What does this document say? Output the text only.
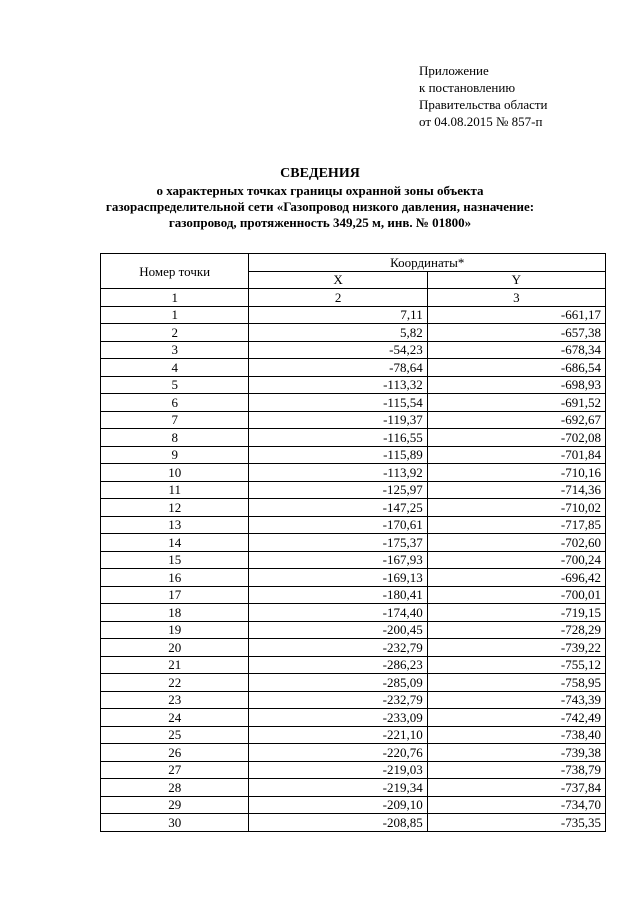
Приложение
к постановлению
Правительства области
от 04.08.2015 № 857-п
СВЕДЕНИЯ
о характерных точках границы охранной зоны объекта
газораспределительной сети «Газопровод низкого давления, назначение:
газопровод, протяженность 349,25 м, инв. № 01800»
Номер точки	Координаты*	
	X	Y
1	2	3
1	7,11	-661,17
2	5,82	-657,38
3	-54,23	-678,34
4	-78,64	-686,54
5	-113,32	-698,93
6	-115,54	-691,52
7	-119,37	-692,67
8	-116,55	-702,08
9	-115,89	-701,84
10	-113,92	-710,16
11	-125,97	-714,36
12	-147,25	-710,02
13	-170,61	-717,85
14	-175,37	-702,60
15	-167,93	-700,24
16	-169,13	-696,42
17	-180,41	-700,01
18	-174,40	-719,15
19	-200,45	-728,29
20	-232,79	-739,22
21	-286,23	-755,12
22	-285,09	-758,95
23	-232,79	-743,39
24	-233,09	-742,49
25	-221,10	-738,40
26	-220,76	-739,38
27	-219,03	-738,79
28	-219,34	-737,84
29	-209,10	-734,70
30	-208,85	-735,35
